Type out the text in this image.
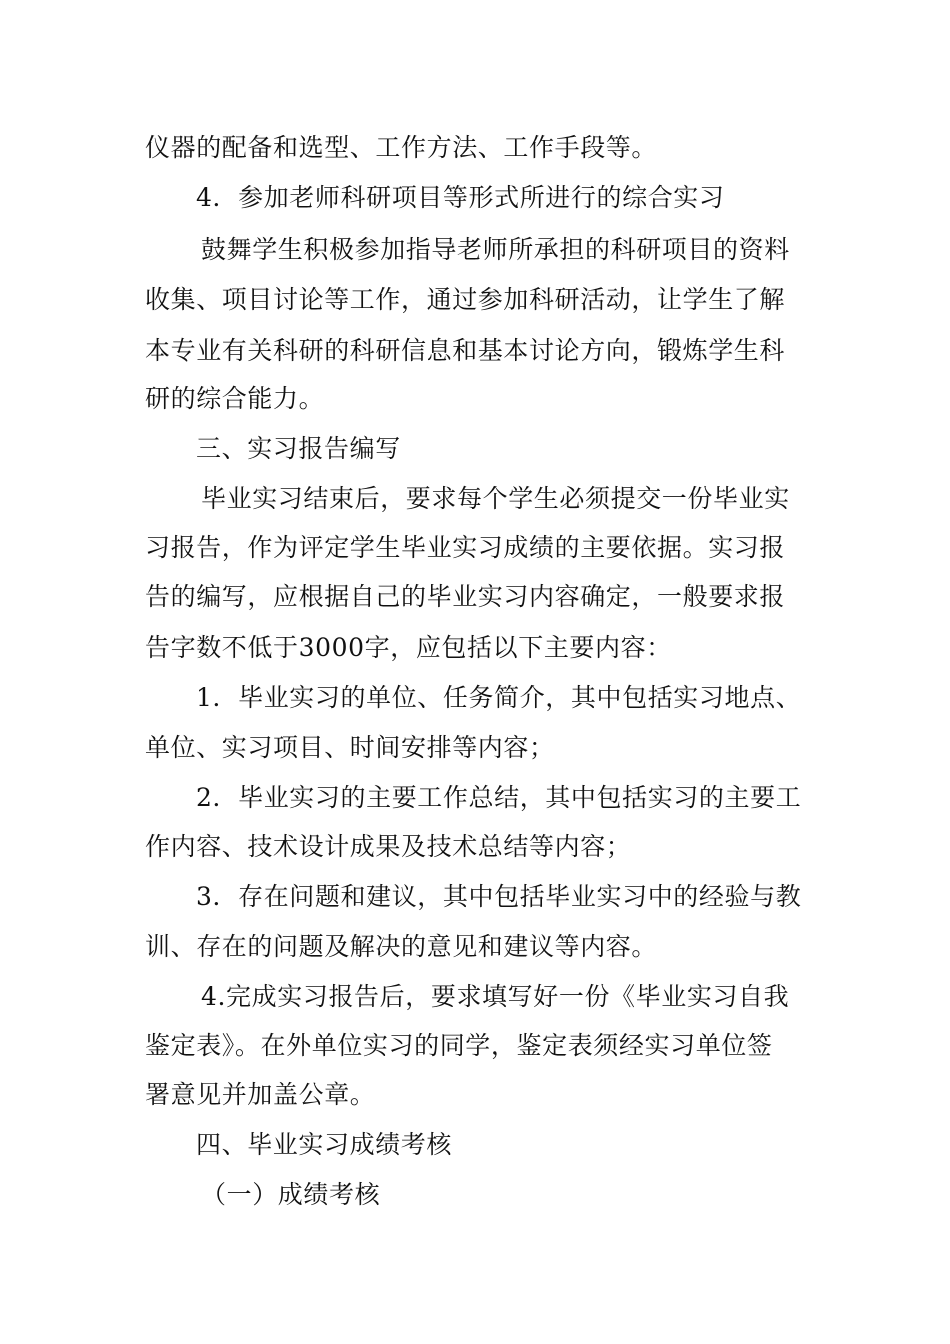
仪器的配备和选型、工作方法、工作手段等。
4．参加老师科研项目等形式所进行的综合实习
鼓舞学生积极参加指导老师所承担的科研项目的资料
收集、项目讨论等工作，通过参加科研活动，让学生了解
本专业有关科研的科研信息和基本讨论方向，锻炼学生科
研的综合能力。
三、实习报告编写
毕业实习结束后，要求每个学生必须提交一份毕业实
习报告，作为评定学生毕业实习成绩的主要依据。实习报
告的编写，应根据自己的毕业实习内容确定，一般要求报
告字数不低于3000字，应包括以下主要内容：
1．毕业实习的单位、任务简介，其中包括实习地点、
单位、实习项目、时间安排等内容；
2．毕业实习的主要工作总结，其中包括实习的主要工
作内容、技术设计成果及技术总结等内容；
3．存在问题和建议，其中包括毕业实习中的经验与教
训、存在的问题及解决的意见和建议等内容。
4.完成实习报告后，要求填写好一份《毕业实习自我
鉴定表》。在外单位实习的同学，鉴定表须经实习单位签
署意见并加盖公章。
四、毕业实习成绩考核
（一）成绩考核
